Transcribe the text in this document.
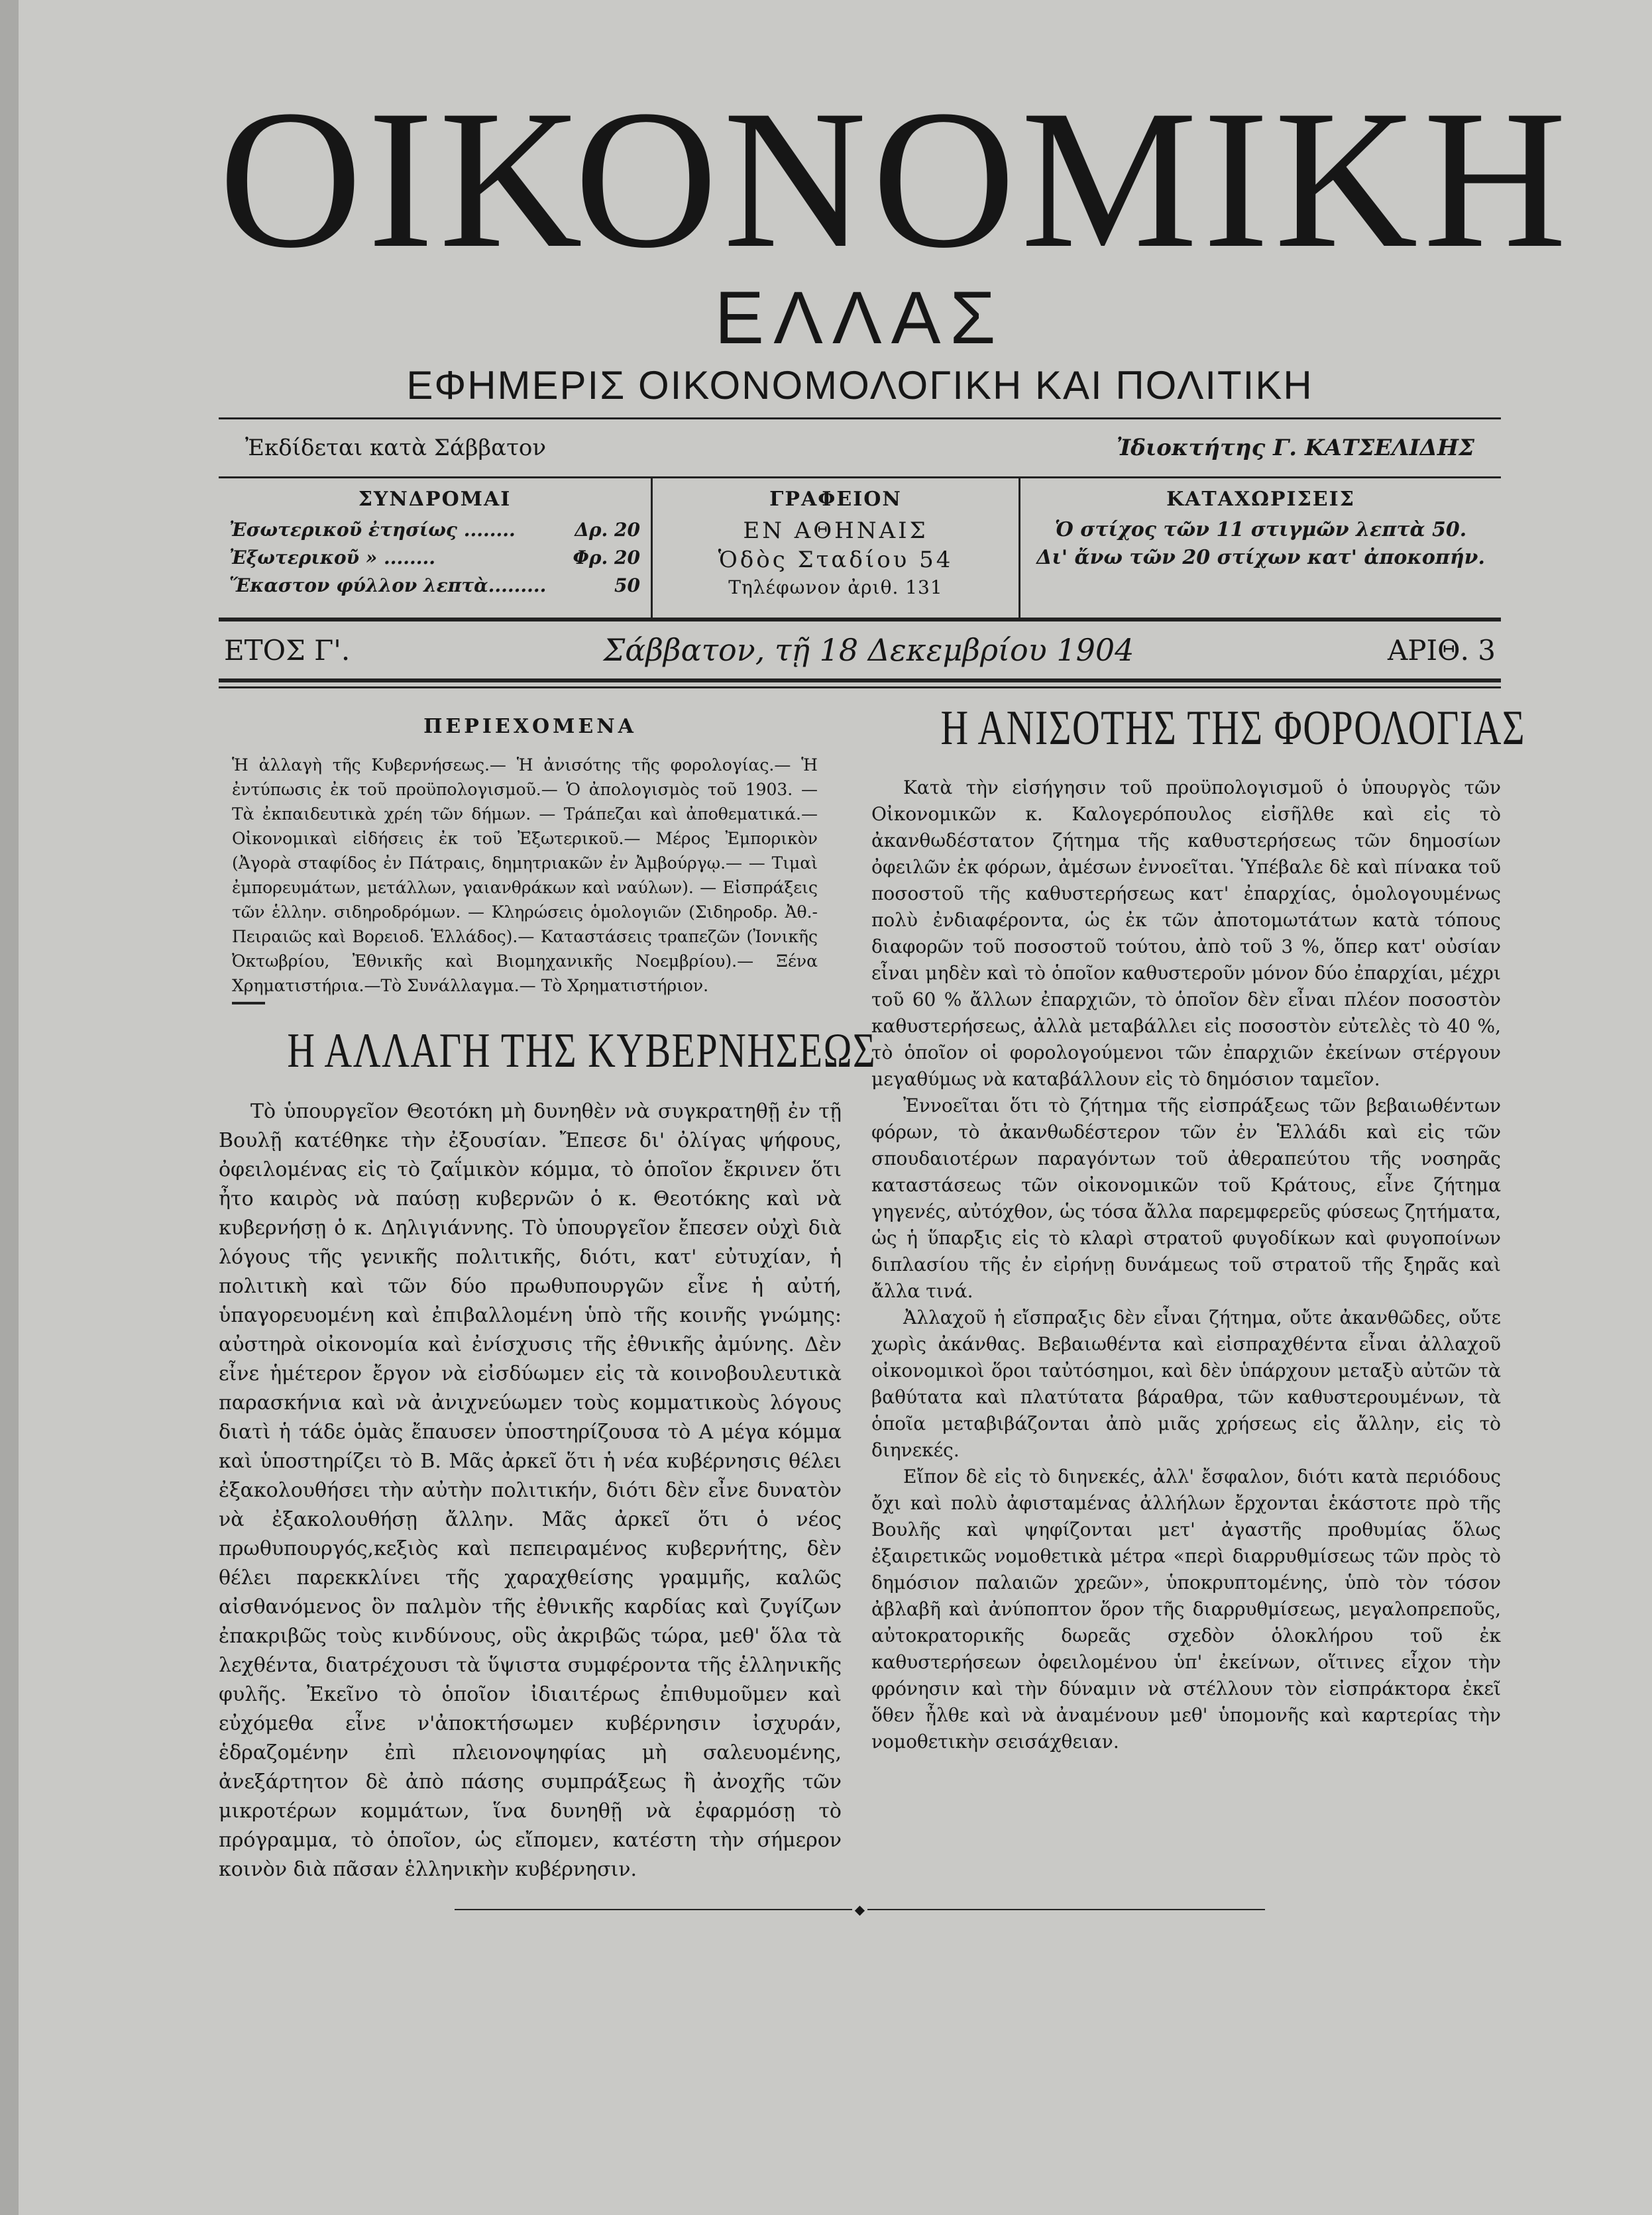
ΟΙΚΟΝΟΜΙΚΗ
ΕΛΛΑΣ
ΕΦΗΜΕΡΙΣ ΟΙΚΟΝΟΜΟΛΟΓΙΚΗ ΚΑΙ ΠΟΛΙΤΙΚΗ
Ἐκδίδεται κατὰ Σάββατον	Ἰδιοκτήτης Γ. ΚΑΤΣΕΛΙΔΗΣ
ΣΥΝΔΡΟΜΑΙ
Ἐσωτερικοῦ ἐτησίως ........	Δρ. 20
Ἐξωτερικοῦ » ........	Φρ. 20
Ἕκαστον φύλλον λεπτὰ.........	50
ΓΡΑΦΕΙΟΝ
ΕΝ ΑΘΗΝΑΙΣ
Ὁδὸς Σταδίου 54
Τηλέφωνον ἀριθ. 131
ΚΑΤΑΧΩΡΙΣΕΙΣ
Ὁ στίχος τῶν 11 στιγμῶν λεπτὰ 50.
Δι' ἄνω τῶν 20 στίχων κατ' ἀποκοπήν.
ΕΤΟΣ Γ'.	Σάββατον, τῇ 18 Δεκεμβρίου 1904	ΑΡΙΘ. 3
ΠΕΡΙΕΧΟΜΕΝΑ
Ἡ ἀλλαγὴ τῆς Κυβερνήσεως.— Ἡ ἀνισότης τῆς φορολογίας.— Ἡ ἐντύπωσις ἐκ τοῦ προϋπολογισμοῦ.— Ὁ ἀπολογισμὸς τοῦ 1903. — Τὰ ἐκπαιδευτικὰ χρέη τῶν δήμων. — Τράπεζαι καὶ ἀποθεματικά.— Οἰκονομικαὶ εἰδήσεις ἐκ τοῦ Ἐξωτερικοῦ.— Μέρος Ἐμπορικὸν (Ἀγορὰ σταφίδος ἐν Πάτραις, δημητριακῶν ἐν Ἀμβούργῳ.— — Τιμαὶ ἐμπορευμάτων, μετάλλων, γαιανθράκων καὶ ναύλων). — Εἰσπράξεις τῶν ἑλλην. σιδηροδρόμων. — Κληρώσεις ὁμολογιῶν (Σιδηροδρ. Ἀθ.-Πειραιῶς καὶ Βορειοδ. Ἑλλάδος).— Καταστάσεις τραπεζῶν (Ἰονικῆς Ὀκτωβρίου, Ἐθνικῆς καὶ Βιομηχανικῆς Νοεμβρίου).— Ξένα Χρηματιστήρια.—Τὸ Συνάλλαγμα.— Τὸ Χρηματιστήριον.
Η ΑΛΛΑΓΗ ΤΗΣ ΚΥΒΕΡΝΗΣΕΩΣ

Τὸ ὑπουργεῖον Θεοτόκη μὴ δυνηθὲν νὰ συγκρατηθῇ ἐν τῇ Βουλῇ κατέθηκε τὴν ἐξουσίαν. Ἔπεσε δι' ὀλίγας ψήφους, ὀφειλομένας εἰς τὸ ζαΐμικὸν κόμμα, τὸ ὁποῖον ἔκρινεν ὅτι ἦτο καιρὸς νὰ παύσῃ κυβερνῶν ὁ κ. Θεοτόκης καὶ νὰ κυβερνήσῃ ὁ κ. Δηλιγιάννης. Τὸ ὑπουργεῖον ἔπεσεν οὐχὶ διὰ λόγους τῆς γενικῆς πολιτικῆς, διότι, κατ' εὐτυχίαν, ἡ πολιτικὴ καὶ τῶν δύο πρωθυπουργῶν εἶνε ἡ αὐτή, ὑπαγορευομένη καὶ ἐπιβαλλομένη ὑπὸ τῆς κοινῆς γνώμης: αὐστηρὰ οἰκονομία καὶ ἐνίσχυσις τῆς ἐθνικῆς ἀμύνης. Δὲν εἶνε ἡμέτερον ἔργον νὰ εἰσδύωμεν εἰς τὰ κοινοβουλευτικὰ παρασκήνια καὶ νὰ ἀνιχνεύωμεν τοὺς κομματικοὺς λόγους διατὶ ἡ τάδε ὁμὰς ἔπαυσεν ὑποστηρίζουσα τὸ Α μέγα κόμμα καὶ ὑποστηρίζει τὸ Β. Μᾶς ἀρκεῖ ὅτι ἡ νέα κυβέρνησις θέλει ἐξακολουθήσει τὴν αὐτὴν πολιτικήν, διότι δὲν εἶνε δυνατὸν νὰ ἐξακολουθήσῃ ἄλλην. Μᾶς ἀρκεῖ ὅτι ὁ νέος πρωθυπουργός,κεξιὸς καὶ πεπειραμένος κυβερνήτης, δὲν θέλει παρεκκλίνει τῆς χαραχθείσης γραμμῆς, καλῶς αἰσθανόμενος ὃν παλμὸν τῆς ἐθνικῆς καρδίας καὶ ζυγίζων ἐπακριβῶς τοὺς κινδύνους, οὓς ἀκριβῶς τώρα, μεθ' ὅλα τὰ λεχθέντα, διατρέχουσι τὰ ὕψιστα συμφέροντα τῆς ἑλληνικῆς φυλῆς. Ἐκεῖνο τὸ ὁποῖον ἰδιαιτέρως ἐπιθυμοῦμεν καὶ εὐχόμεθα εἶνε ν'ἀποκτήσωμεν κυβέρνησιν ἰσχυράν, ἑδραζομένην ἐπὶ πλειονοψηφίας μὴ σαλευομένης, ἀνεξάρτητον δὲ ἀπὸ πάσης συμπράξεως ἢ ἀνοχῆς τῶν μικροτέρων κομμάτων, ἵνα δυνηθῇ νὰ ἐφαρμόσῃ τὸ πρόγραμμα, τὸ ὁποῖον, ὡς εἴπομεν, κατέστη τὴν σήμερον κοινὸν διὰ πᾶσαν ἑλληνικὴν κυβέρνησιν.

Η ΑΝΙΣΟΤΗΣ ΤΗΣ ΦΟΡΟΛΟΓΙΑΣ

Κατὰ τὴν εἰσήγησιν τοῦ προϋπολογισμοῦ ὁ ὑπουργὸς τῶν Οἰκονομικῶν κ. Καλογερόπουλος εἰσῆλθε καὶ εἰς τὸ ἀκανθωδέστατον ζήτημα τῆς καθυστερήσεως τῶν δημοσίων ὀφειλῶν ἐκ φόρων, ἀμέσων ἐννοεῖται. Ὑπέβαλε δὲ καὶ πίνακα τοῦ ποσοστοῦ τῆς καθυστερήσεως κατ' ἐπαρχίας, ὁμολογουμένως πολὺ ἐνδιαφέροντα, ὡς ἐκ τῶν ἀποτομωτάτων κατὰ τόπους διαφορῶν τοῦ ποσοστοῦ τούτου, ἀπὸ τοῦ 3 %, ὅπερ κατ' οὐσίαν εἶναι μηδὲν καὶ τὸ ὁποῖον καθυστεροῦν μόνον δύο ἐπαρχίαι, μέχρι τοῦ 60 % ἄλλων ἐπαρχιῶν, τὸ ὁποῖον δὲν εἶναι πλέον ποσοστὸν καθυστερήσεως, ἀλλὰ μεταβάλλει εἰς ποσοστὸν εὐτελὲς τὸ 40 %, τὸ ὁποῖον οἱ φορολογούμενοι τῶν ἐπαρχιῶν ἐκείνων στέργουν μεγαθύμως νὰ καταβάλλουν εἰς τὸ δημόσιον ταμεῖον.

Ἐννοεῖται ὅτι τὸ ζήτημα τῆς εἰσπράξεως τῶν βεβαιωθέντων φόρων, τὸ ἀκανθωδέστερον τῶν ἐν Ἑλλάδι καὶ εἰς τῶν σπουδαιοτέρων παραγόντων τοῦ ἀθεραπεύτου τῆς νοσηρᾶς καταστάσεως τῶν οἰκονομικῶν τοῦ Κράτους, εἶνε ζήτημα γηγενές, αὐτόχθον, ὡς τόσα ἄλλα παρεμφερεῦς φύσεως ζητήματα, ὡς ἡ ὕπαρξις εἰς τὸ κλαρὶ στρατοῦ φυγοδίκων καὶ φυγοποίνων διπλασίου τῆς ἐν εἰρήνῃ δυνάμεως τοῦ στρατοῦ τῆς ξηρᾶς καὶ ἄλλα τινά.

Ἀλλαχοῦ ἡ εἴσπραξις δὲν εἶναι ζήτημα, οὔτε ἀκανθῶδες, οὔτε χωρὶς ἀκάνθας. Βεβαιωθέντα καὶ εἰσπραχθέντα εἶναι ἀλλαχοῦ οἰκονομικοὶ ὅροι ταὐτόσημοι, καὶ δὲν ὑπάρχουν μεταξὺ αὐτῶν τὰ βαθύτατα καὶ πλατύτατα βάραθρα, τῶν καθυστερουμένων, τὰ ὁποῖα μεταβιβάζονται ἀπὸ μιᾶς χρήσεως εἰς ἄλλην, εἰς τὸ διηνεκές.

Εἴπον δὲ εἰς τὸ διηνεκές, ἀλλ' ἔσφαλον, διότι κατὰ περιόδους ὄχι καὶ πολὺ ἀφισταμένας ἀλλήλων ἔρχονται ἑκάστοτε πρὸ τῆς Βουλῆς καὶ ψηφίζονται μετ' ἀγαστῆς προθυμίας ὅλως ἐξαιρετικῶς νομοθετικὰ μέτρα «περὶ διαρρυθμίσεως τῶν πρὸς τὸ δημόσιον παλαιῶν χρεῶν», ὑποκρυπτομένης, ὑπὸ τὸν τόσον ἀβλαβῆ καὶ ἀνύποπτον ὅρον τῆς διαρρυθμίσεως, μεγαλοπρεποῦς, αὐτοκρατορικῆς δωρεᾶς σχεδὸν ὁλοκλήρου τοῦ ἐκ καθυστερήσεων ὀφειλομένου ὑπ' ἐκείνων, οἵτινες εἶχον τὴν φρόνησιν καὶ τὴν δύναμιν νὰ στέλλουν τὸν εἰσπράκτορα ἐκεῖ ὅθεν ἦλθε καὶ νὰ ἀναμένουν μεθ' ὑπομονῆς καὶ καρτερίας τὴν νομοθετικὴν σεισάχθειαν.

◆
